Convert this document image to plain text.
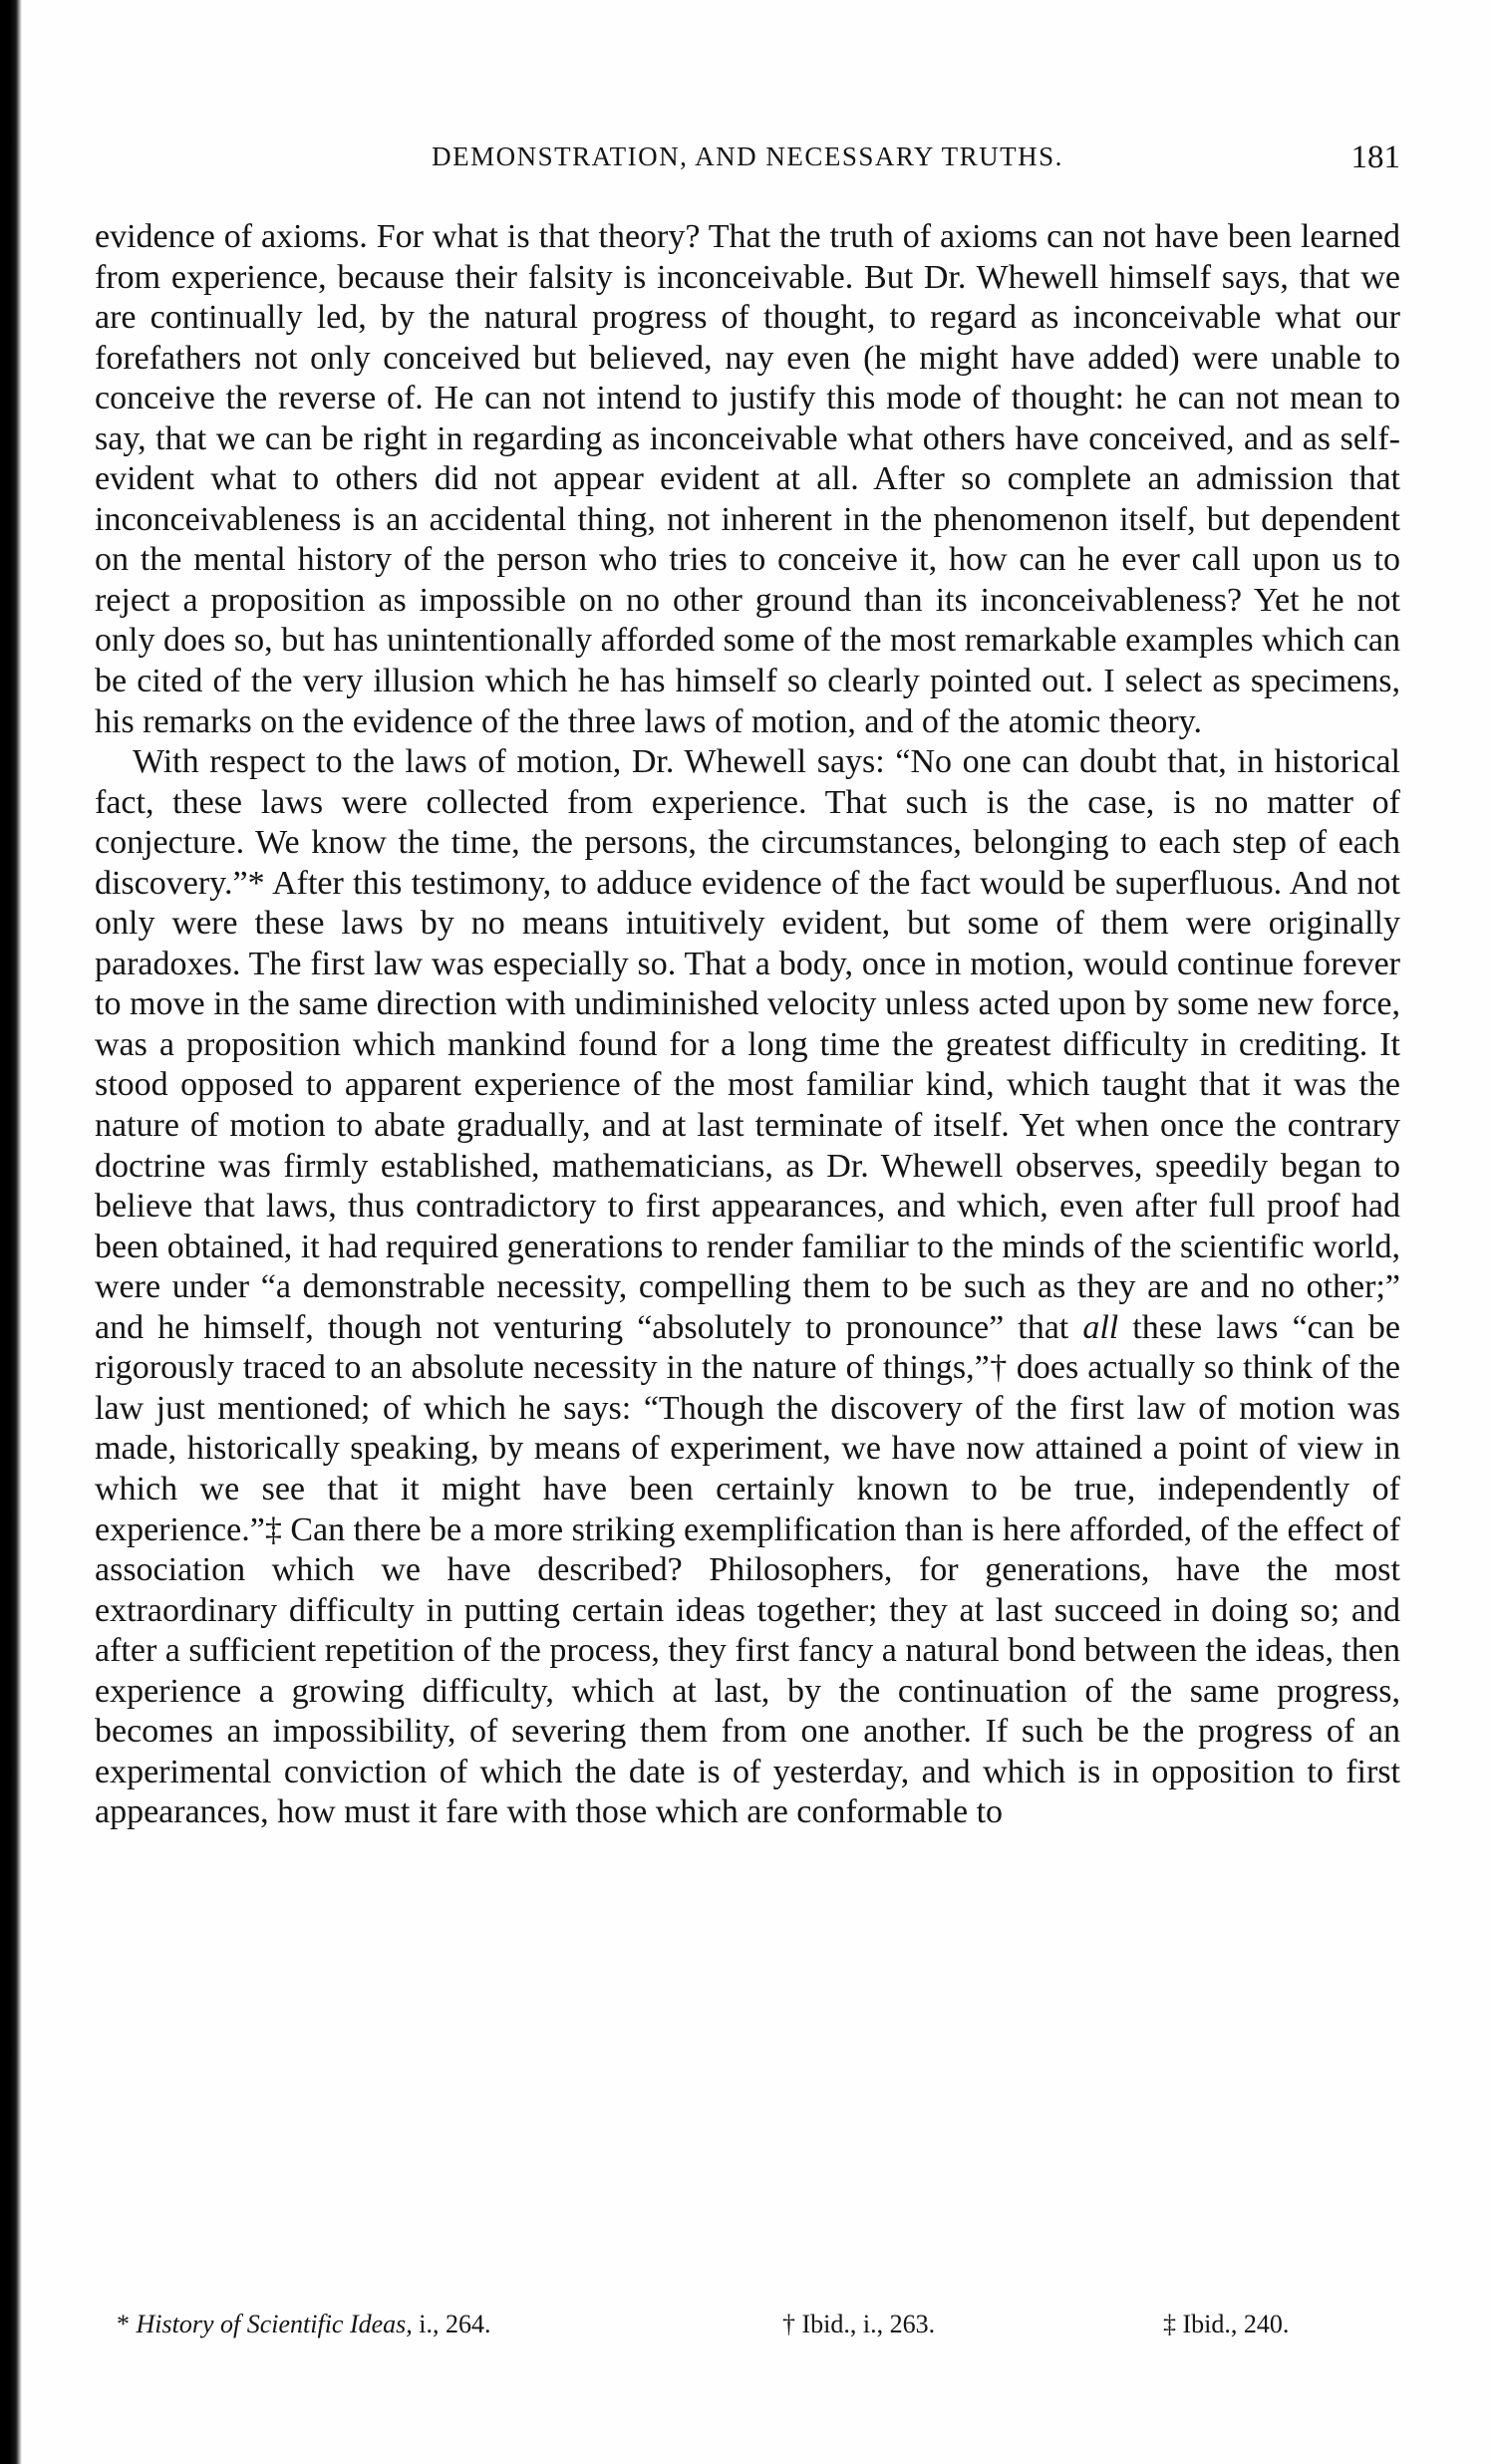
DEMONSTRATION, AND NECESSARY TRUTHS.	181

evidence of axioms. For what is that theory? That the truth of axioms can not have been learned from experience, because their falsity is inconceivable. But Dr. Whewell himself says, that we are continually led, by the natural progress of thought, to regard as inconceivable what our forefathers not only conceived but believed, nay even (he might have added) were unable to conceive the reverse of. He can not intend to justify this mode of thought: he can not mean to say, that we can be right in regarding as inconceivable what others have conceived, and as self-evident what to others did not appear evident at all. After so complete an admission that inconceivableness is an accidental thing, not inherent in the phenomenon itself, but dependent on the mental history of the person who tries to conceive it, how can he ever call upon us to reject a proposition as impossible on no other ground than its inconceivableness? Yet he not only does so, but has unintentionally afforded some of the most remarkable examples which can be cited of the very illusion which he has himself so clearly pointed out. I select as specimens, his remarks on the evidence of the three laws of motion, and of the atomic theory.

With respect to the laws of motion, Dr. Whewell says: “No one can doubt that, in historical fact, these laws were collected from experience. That such is the case, is no matter of conjecture. We know the time, the persons, the circumstances, belonging to each step of each discovery.”* After this testimony, to adduce evidence of the fact would be superfluous. And not only were these laws by no means intuitively evident, but some of them were originally paradoxes. The first law was especially so. That a body, once in motion, would continue forever to move in the same direction with undiminished velocity unless acted upon by some new force, was a proposition which mankind found for a long time the greatest difficulty in crediting. It stood opposed to apparent experience of the most familiar kind, which taught that it was the nature of motion to abate gradually, and at last terminate of itself. Yet when once the contrary doctrine was firmly established, mathematicians, as Dr. Whewell observes, speedily began to believe that laws, thus contradictory to first appearances, and which, even after full proof had been obtained, it had required generations to render familiar to the minds of the scientific world, were under “a demonstrable necessity, compelling them to be such as they are and no other;” and he himself, though not venturing “absolutely to pronounce” that all these laws “can be rigorously traced to an absolute necessity in the nature of things,”† does actually so think of the law just mentioned; of which he says: “Though the discovery of the first law of motion was made, historically speaking, by means of experiment, we have now attained a point of view in which we see that it might have been certainly known to be true, independently of experience.”‡ Can there be a more striking exemplification than is here afforded, of the effect of association which we have described? Philosophers, for generations, have the most extraordinary difficulty in putting certain ideas together; they at last succeed in doing so; and after a sufficient repetition of the process, they first fancy a natural bond between the ideas, then experience a growing difficulty, which at last, by the continuation of the same progress, becomes an impossibility, of severing them from one another. If such be the progress of an experimental conviction of which the date is of yesterday, and which is in opposition to first appearances, how must it fare with those which are conformable to

* History of Scientific Ideas, i., 264.	† Ibid., i., 263.	‡ Ibid., 240.
